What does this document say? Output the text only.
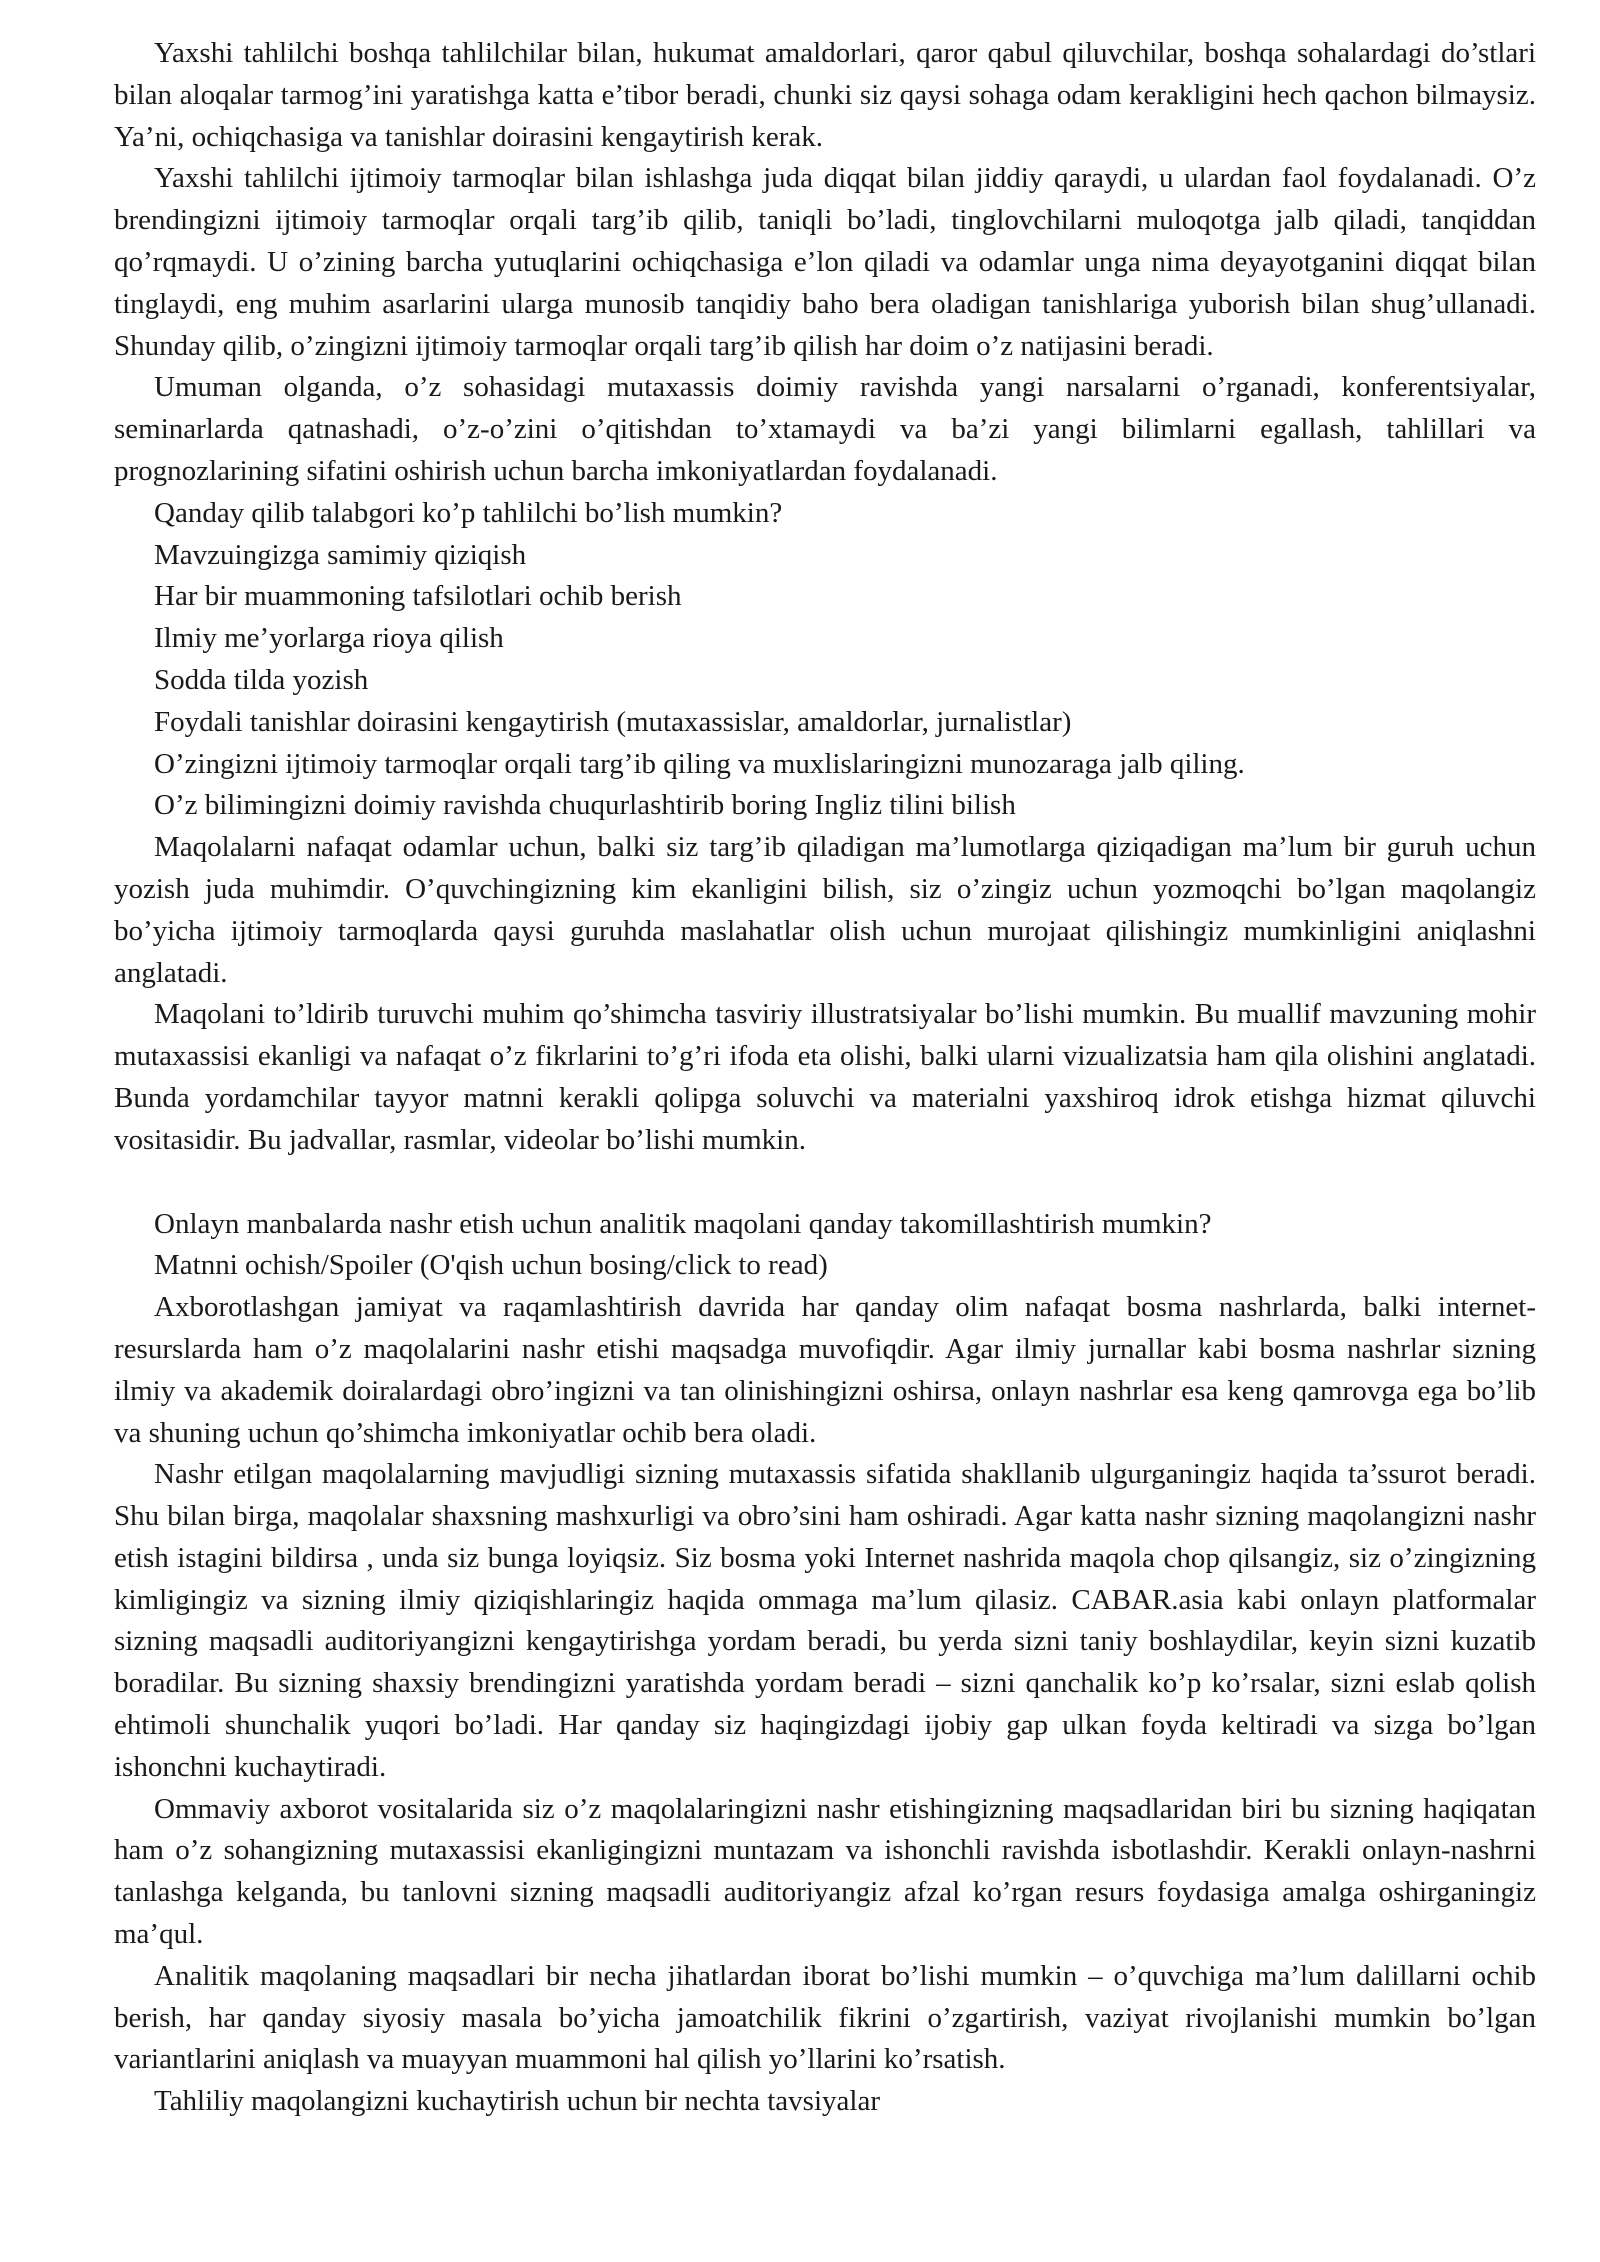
Yaxshi tahlilchi boshqa tahlilchilar bilan, hukumat amaldorlari, qaror qabul qiluvchilar, boshqa sohalardagi do’stlari bilan aloqalar tarmog’ini yaratishga katta e’tibor beradi, chunki siz qaysi sohaga odam kerakligini hech qachon bilmaysiz. Ya’ni, ochiqchasiga va tanishlar doirasini kengaytirish kerak.

Yaxshi tahlilchi ijtimoiy tarmoqlar bilan ishlashga juda diqqat bilan jiddiy qaraydi, u ulardan faol foydalanadi. O’z brendingizni ijtimoiy tarmoqlar orqali targ’ib qilib, taniqli bo’ladi, tinglovchilarni muloqotga jalb qiladi, tanqiddan qo’rqmaydi. U o’zining barcha yutuqlarini ochiqchasiga e’lon qiladi va odamlar unga nima deyayotganini diqqat bilan tinglaydi, eng muhim asarlarini ularga munosib tanqidiy baho bera oladigan tanishlariga yuborish bilan shug’ullanadi. Shunday qilib, o’zingizni ijtimoiy tarmoqlar orqali targ’ib qilish har doim o’z natijasini beradi.

Umuman olganda, o’z sohasidagi mutaxassis doimiy ravishda yangi narsalarni o’rganadi, konferentsiyalar, seminarlarda qatnashadi, o’z-o’zini o’qitishdan to’xtamaydi va ba’zi yangi bilimlarni egallash, tahlillari va prognozlarining sifatini oshirish uchun barcha imkoniyatlardan foydalanadi.

Qanday qilib talabgori ko’p tahlilchi bo’lish mumkin?

Mavzuingizga samimiy qiziqish

Har bir muammoning tafsilotlari ochib berish

Ilmiy me’yorlarga rioya qilish

Sodda tilda yozish

Foydali tanishlar doirasini kengaytirish (mutaxassislar, amaldorlar, jurnalistlar)

O’zingizni ijtimoiy tarmoqlar orqali targ’ib qiling va muxlislaringizni munozaraga jalb qiling.

O’z bilimingizni doimiy ravishda chuqurlashtirib boring Ingliz tilini bilish

Maqolalarni nafaqat odamlar uchun, balki siz targ’ib qiladigan ma’lumotlarga qiziqadigan ma’lum bir guruh uchun yozish juda muhimdir. O’quvchingizning kim ekanligini bilish, siz o’zingiz uchun yozmoqchi bo’lgan maqolangiz bo’yicha ijtimoiy tarmoqlarda qaysi guruhda maslahatlar olish uchun murojaat qilishingiz mumkinligini aniqlashni anglatadi.

Maqolani to’ldirib turuvchi muhim qo’shimcha tasviriy illustratsiyalar bo’lishi mumkin. Bu muallif mavzuning mohir mutaxassisi ekanligi va nafaqat o’z fikrlarini to’g’ri ifoda eta olishi, balki ularni vizualizatsia ham qila olishini anglatadi. Bunda yordamchilar tayyor matnni kerakli qolipga soluvchi va materialni yaxshiroq idrok etishga hizmat qiluvchi vositasidir. Bu jadvallar, rasmlar, videolar bo’lishi mumkin.

Onlayn manbalarda nashr etish uchun analitik maqolani qanday takomillashtirish mumkin?

Matnni ochish/Spoiler (O'qish uchun bosing/click to read)

Axborotlashgan jamiyat va raqamlashtirish davrida har qanday olim nafaqat bosma nashrlarda, balki internet-resurslarda ham o’z maqolalarini nashr etishi maqsadga muvofiqdir. Agar ilmiy jurnallar kabi bosma nashrlar sizning ilmiy va akademik doiralardagi obro’ingizni va tan olinishingizni oshirsa, onlayn nashrlar esa keng qamrovga ega bo’lib va shuning uchun qo’shimcha imkoniyatlar ochib bera oladi.

Nashr etilgan maqolalarning mavjudligi sizning mutaxassis sifatida shakllanib ulgurganingiz haqida ta’ssurot beradi. Shu bilan birga, maqolalar shaxsning mashxurligi va obro’sini ham oshiradi. Agar katta nashr sizning maqolangizni nashr etish istagini bildirsa , unda siz bunga loyiqsiz. Siz bosma yoki Internet nashrida maqola chop qilsangiz, siz o’zingizning kimligingiz va sizning ilmiy qiziqishlaringiz haqida ommaga ma’lum qilasiz. CABAR.asia kabi onlayn platformalar sizning maqsadli auditoriyangizni kengaytirishga yordam beradi, bu yerda sizni taniy boshlaydilar, keyin sizni kuzatib boradilar. Bu sizning shaxsiy brendingizni yaratishda yordam beradi – sizni qanchalik ko’p ko’rsalar, sizni eslab qolish ehtimoli shunchalik yuqori bo’ladi. Har qanday siz haqingizdagi ijobiy gap ulkan foyda keltiradi va sizga bo’lgan ishonchni kuchaytiradi.

Ommaviy axborot vositalarida siz o’z maqolalaringizni nashr etishingizning maqsadlaridan biri bu sizning haqiqatan ham o’z sohangizning mutaxassisi ekanligingizni muntazam va ishonchli ravishda isbotlashdir. Kerakli onlayn-nashrni tanlashga kelganda, bu tanlovni sizning maqsadli auditoriyangiz afzal ko’rgan resurs foydasiga amalga oshirganingiz ma’qul.

Analitik maqolaning maqsadlari bir necha jihatlardan iborat bo’lishi mumkin – o’quvchiga ma’lum dalillarni ochib berish, har qanday siyosiy masala bo’yicha jamoatchilik fikrini o’zgartirish, vaziyat rivojlanishi mumkin bo’lgan variantlarini aniqlash va muayyan muammoni hal qilish yo’llarini ko’rsatish.

Tahliliy maqolangizni kuchaytirish uchun bir nechta tavsiyalar
